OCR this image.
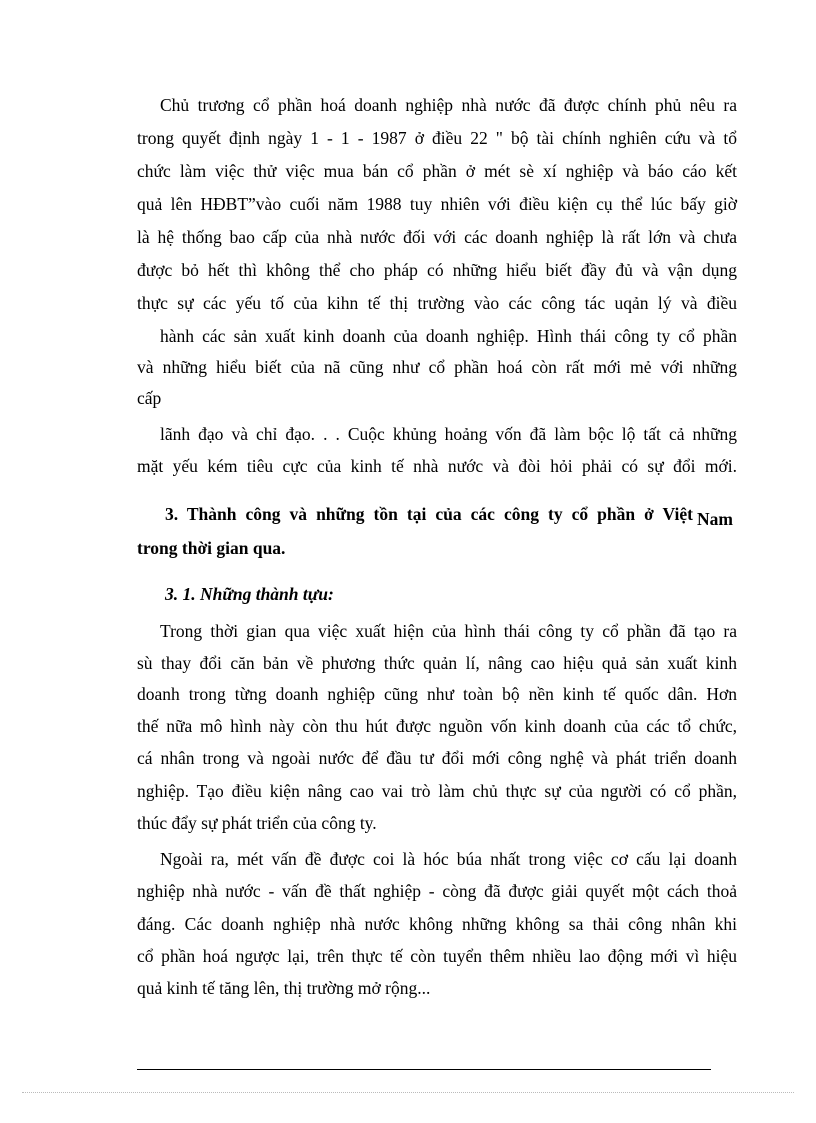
Chủ trương cổ phần hoá doanh nghiệp nhà nước đã được chính phủ nêu ra
trong quyết định ngày 1 - 1 - 1987 ở điều 22 " bộ tài chính nghiên cứu và tổ
chức làm việc thử việc mua bán cổ phần ở mét sè xí nghiệp và báo cáo kết
quả lên HĐBT”vào cuối năm 1988 tuy nhiên với điều kiện cụ thể lúc bấy giờ
là hệ thống bao cấp của nhà nước đối với các doanh nghiệp là rất lớn và chưa
được bỏ hết thì không thể cho pháp có những hiểu biết đầy đủ và vận dụng
thực sự các yếu tố của kihn tế thị trường vào các công tác uqản lý và điều
hành các sản xuất kinh doanh của doanh nghiệp. Hình thái công ty cổ phần
và những hiểu biết của nã cũng như cổ phần hoá còn rất mới mẻ với những
cấp
lãnh đạo và chỉ đạo. . . Cuộc khủng hoảng vốn đã làm bộc lộ tất cả những
mặt yếu kém tiêu cực của kinh tế nhà nước và đòi hỏi phải có sự đổi mới.
3. Thành công và những tồn tại của các công ty cổ phần ở Việt Nam
trong thời gian qua.
3. 1. Những thành tựu:
Trong thời gian qua việc xuất hiện của hình thái công ty cổ phần đã tạo ra
sù thay đổi căn bản về phương thức quản lí, nâng cao hiệu quả sản xuất kinh
doanh trong từng doanh nghiệp cũng như toàn bộ nền kinh tế quốc dân. Hơn
thế nữa mô hình này còn thu hút được nguồn vốn kinh doanh của các tổ chức,
cá nhân trong và ngoài nước để đầu tư đổi mới công nghệ và phát triển doanh
nghiệp. Tạo điều kiện nâng cao vai trò làm chủ thực sự của người có cổ phần,
thúc đẩy sự phát triển của công ty.
Ngoài ra, mét vấn đề được coi là hóc búa nhất trong việc cơ cấu lại doanh
nghiệp nhà nước - vấn đề thất nghiệp - còng đã được giải quyết một cách thoả
đáng. Các doanh nghiệp nhà nước không những không sa thải công nhân khi
cổ phần hoá ngược lại, trên thực tế còn tuyển thêm nhiều lao động mới vì hiệu
quả kinh tế tăng lên, thị trường mở rộng...
